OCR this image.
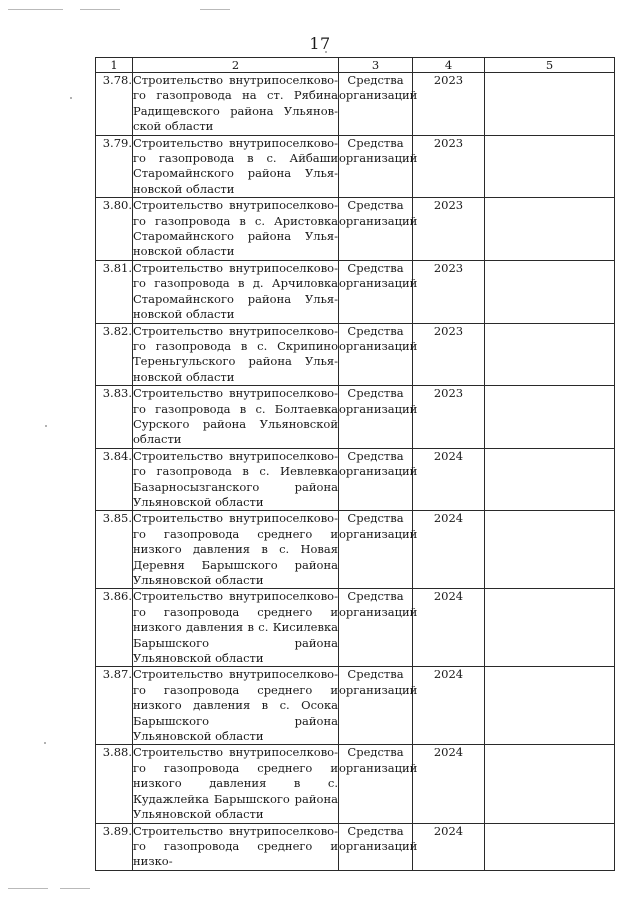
17
1	2	3	4	5
3.78.	Строительство внутрипоселкового газопровода на ст. Рябина Радищевского района Ульяновской области	Средства организаций	2023	
3.79.	Строительство внутрипоселкового газопровода в с. Айбаши Старомайнского района Ульяновской области	Средства организаций	2023	
3.80.	Строительство внутрипоселкового газопровода в с. Аристовка Старомайнского района Ульяновской области	Средства организаций	2023	
3.81.	Строительство внутрипоселкового газопровода в д. Арчиловка Старомайнского района Ульяновской области	Средства организаций	2023	
3.82.	Строительство внутрипоселкового газопровода в с. Скрипино Тереньгульского района Ульяновской области	Средства организаций	2023	
3.83.	Строительство внутрипоселкового газопровода в с. Болтаевка Сурского района Ульяновской области	Средства организаций	2023	
3.84.	Строительство внутрипоселкового газопровода в с. Иевлевка Базарносызганского района Ульяновской области	Средства организаций	2024	
3.85.	Строительство внутрипоселкового газопровода среднего и низкого давления в с. Новая Деревня Барышского района Ульяновской области	Средства организаций	2024	
3.86.	Строительство внутрипоселкового газопровода среднего и низкого давления в с. Кисилевка Барышского района Ульяновской области	Средства организаций	2024	
3.87.	Строительство внутрипоселкового газопровода среднего и низкого давления в с. Осока Барышского района Ульяновской области	Средства организаций	2024	
3.88.	Строительство внутрипоселкового газопровода среднего и низкого давления в с. Кудажлейка Барышского района Ульяновской области	Средства организаций	2024	
3.89.	Строительство внутрипоселкового газопровода среднего и низко-	Средства организаций	2024	
